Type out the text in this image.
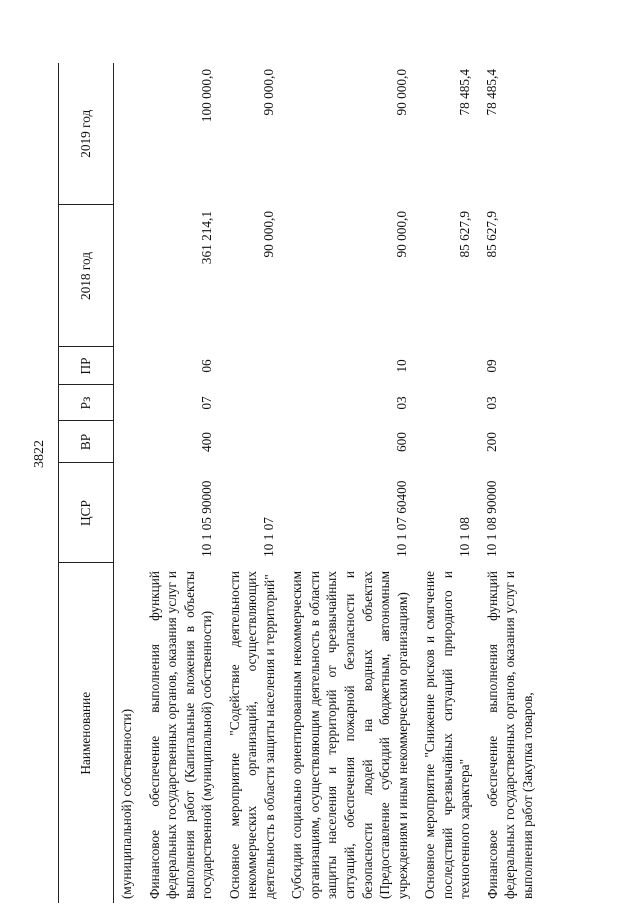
3822
Наименование	ЦСР	ВР	Рз	ПР	2018 год	2019 год
(муниципальной) собственности)						
Финансовое обеспечение выполнения функций федеральных государственных органов, оказания услуг и выполнения работ (Капитальные вложения в объекты государственной (муниципальной) собственности)	10 1 05 90000	400	07	06	361 214,1	100 000,0
Основное мероприятие "Содействие деятельности некоммерческих организаций, осуществляющих деятельность в области защиты населения и территорий"	10 1 07				90 000,0	90 000,0
Субсидии социально ориентированным некоммерческим организациям, осуществляющим деятельность в области защиты населения и территорий от чрезвычайных ситуаций, обеспечения пожарной безопасности и безопасности людей на водных объектах (Предоставление субсидий бюджетным, автономным учреждениям и иным некоммерческим организациям)	10 1 07 60400	600	03	10	90 000,0	90 000,0
Основное мероприятие "Снижение рисков и смягчение последствий чрезвычайных ситуаций природного и техногенного характера"	10 1 08				85 627,9	78 485,4
Финансовое обеспечение выполнения функций федеральных государственных органов, оказания услуг и выполнения работ (Закупка товаров,	10 1 08 90000	200	03	09	85 627,9	78 485,4
